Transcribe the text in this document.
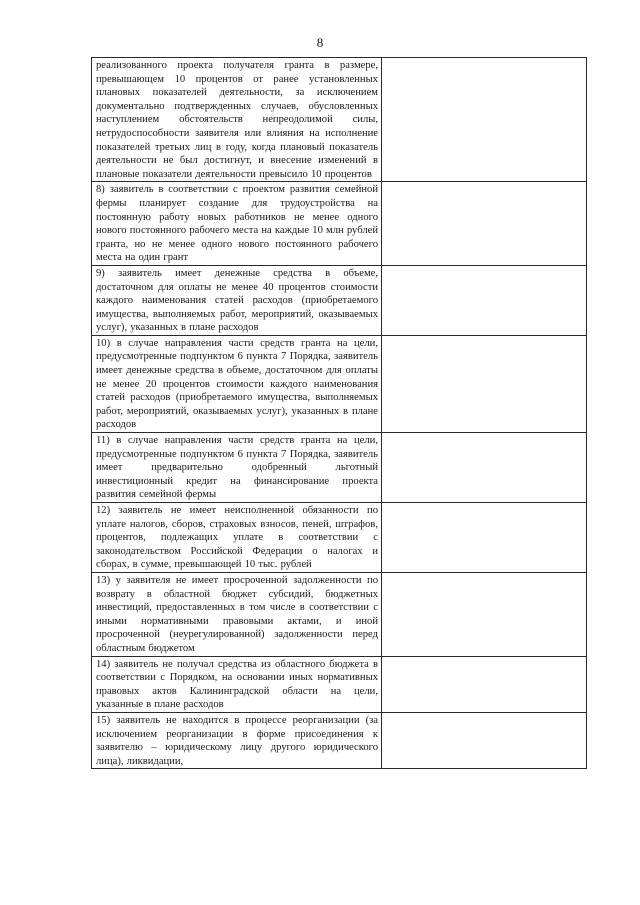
8
реализованного проекта получателя гранта в размере, превышающем 10 процентов от ранее установленных плановых показателей деятельности, за исключением документально подтвержденных случаев, обусловленных наступлением обстоятельств непреодолимой силы, нетрудоспособности заявителя или влияния на исполнение показателей третьих лиц в году, когда плановый показатель деятельности не был достигнут, и внесение изменений в плановые показатели деятельности превысило 10 процентов	

8) заявитель в соответствии с проектом развития семейной фермы планирует создание для трудоустройства на постоянную работу новых работников не менее одного нового постоянного рабочего места на каждые 10 млн рублей гранта, но не менее одного нового постоянного рабочего места на один грант	

9) заявитель имеет денежные средства в объеме, достаточном для оплаты не менее 40 процентов стоимости каждого наименования статей расходов (приобретаемого имущества, выполняемых работ, мероприятий, оказываемых услуг), указанных в плане расходов	

10) в случае направления части средств гранта на цели, предусмотренные подпунктом 6 пункта 7 Порядка, заявитель имеет денежные средства в объеме, достаточном для оплаты не менее 20 процентов стоимости каждого наименования статей расходов (приобретаемого имущества, выполняемых работ, мероприятий, оказываемых услуг), указанных в плане расходов	

11) в случае направления части средств гранта на цели, предусмотренные подпунктом 6 пункта 7 Порядка, заявитель имеет предварительно одобренный льготный инвестиционный кредит на финансирование проекта развития семейной фермы	

12) заявитель не имеет неисполненной обязанности по уплате налогов, сборов, страховых взносов, пеней, штрафов, процентов, подлежащих уплате в соответствии с законодательством Российской Федерации о налогах и сборах, в сумме, превышающей 10 тыс. рублей	

13) у заявителя не имеет просроченной задолженности по возврату в областной бюджет субсидий, бюджетных инвестиций, предоставленных в том числе в соответствии с иными нормативными правовыми актами, и иной просроченной (неурегулированной) задолженности перед областным бюджетом	

14) заявитель не получал средства из областного бюджета в соответствии с Порядком, на основании иных нормативных правовых актов Калининградской области на цели, указанные в плане расходов	

15) заявитель не находится в процессе реорганизации (за исключением реорганизации в форме присоединения к заявителю – юридическому лицу другого юридического лица), ликвидации,	
